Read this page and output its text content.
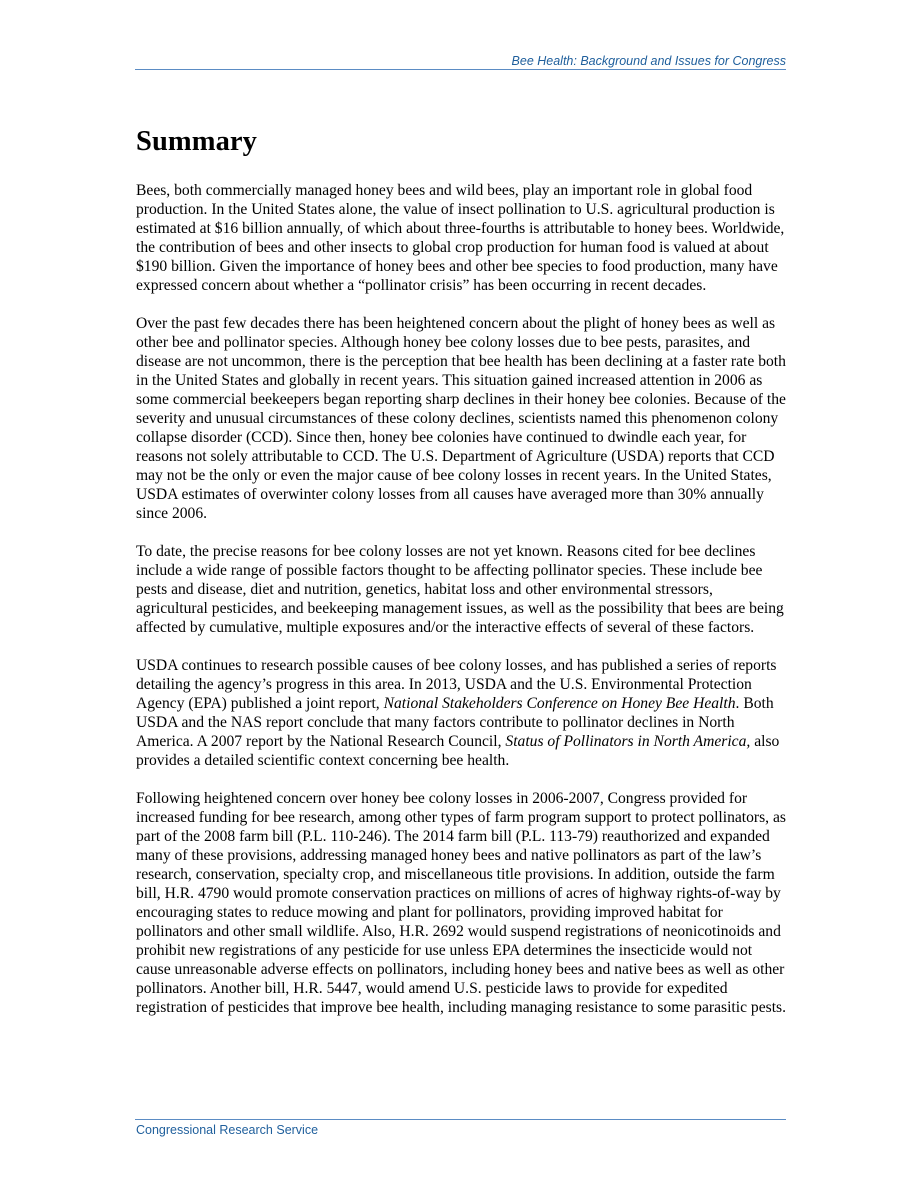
Bee Health: Background and Issues for Congress
Summary

Bees, both commercially managed honey bees and wild bees, play an important role in global food production. In the United States alone, the value of insect pollination to U.S. agricultural production is estimated at $16 billion annually, of which about three-fourths is attributable to honey bees. Worldwide, the contribution of bees and other insects to global crop production for human food is valued at about $190 billion. Given the importance of honey bees and other bee species to food production, many have expressed concern about whether a “pollinator crisis” has been occurring in recent decades.

Over the past few decades there has been heightened concern about the plight of honey bees as well as other bee and pollinator species. Although honey bee colony losses due to bee pests, parasites, and disease are not uncommon, there is the perception that bee health has been declining at a faster rate both in the United States and globally in recent years. This situation gained increased attention in 2006 as some commercial beekeepers began reporting sharp declines in their honey bee colonies. Because of the severity and unusual circumstances of these colony declines, scientists named this phenomenon colony collapse disorder (CCD). Since then, honey bee colonies have continued to dwindle each year, for reasons not solely attributable to CCD. The U.S. Department of Agriculture (USDA) reports that CCD may not be the only or even the major cause of bee colony losses in recent years. In the United States, USDA estimates of overwinter colony losses from all causes have averaged more than 30% annually since 2006.

To date, the precise reasons for bee colony losses are not yet known. Reasons cited for bee declines include a wide range of possible factors thought to be affecting pollinator species. These include bee pests and disease, diet and nutrition, genetics, habitat loss and other environmental stressors, agricultural pesticides, and beekeeping management issues, as well as the possibility that bees are being affected by cumulative, multiple exposures and/or the interactive effects of several of these factors.

USDA continues to research possible causes of bee colony losses, and has published a series of reports detailing the agency’s progress in this area. In 2013, USDA and the U.S. Environmental Protection Agency (EPA) published a joint report, National Stakeholders Conference on Honey Bee Health. Both USDA and the NAS report conclude that many factors contribute to pollinator declines in North America. A 2007 report by the National Research Council, Status of Pollinators in North America, also provides a detailed scientific context concerning bee health.

Following heightened concern over honey bee colony losses in 2006-2007, Congress provided for increased funding for bee research, among other types of farm program support to protect pollinators, as part of the 2008 farm bill (P.L. 110-246). The 2014 farm bill (P.L. 113-79) reauthorized and expanded many of these provisions, addressing managed honey bees and native pollinators as part of the law’s research, conservation, specialty crop, and miscellaneous title provisions. In addition, outside the farm bill, H.R. 4790 would promote conservation practices on millions of acres of highway rights-of-way by encouraging states to reduce mowing and plant for pollinators, providing improved habitat for pollinators and other small wildlife. Also, H.R. 2692 would suspend registrations of neonicotinoids and prohibit new registrations of any pesticide for use unless EPA determines the insecticide would not cause unreasonable adverse effects on pollinators, including honey bees and native bees as well as other pollinators. Another bill, H.R. 5447, would amend U.S. pesticide laws to provide for expedited registration of pesticides that improve bee health, including managing resistance to some parasitic pests.

Congressional Research Service
